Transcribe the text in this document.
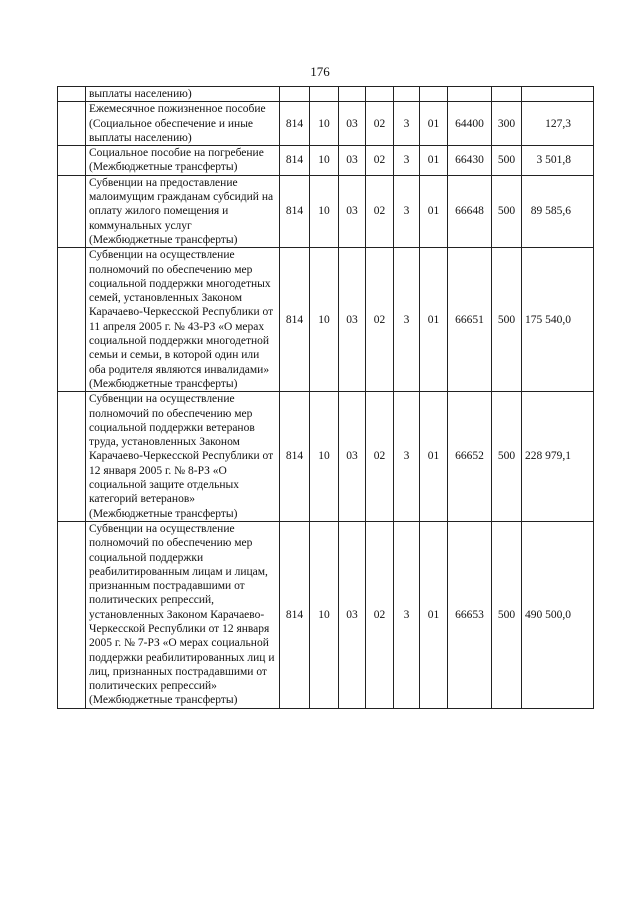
176
	выплаты населению)									
	Ежемесячное пожизненное пособие (Социальное обеспечение и иные выплаты населению)	814	10	03	02	3	01	64400	300	127,3
	Социальное пособие на погребение (Межбюджетные трансферты)	814	10	03	02	3	01	66430	500	3 501,8
	Субвенции на предоставление малоимущим гражданам субсидий на оплату жилого помещения и коммунальных услуг (Межбюджетные трансферты)	814	10	03	02	3	01	66648	500	89 585,6
	Субвенции на осуществление полномочий по обеспечению мер социальной поддержки многодетных семей, установленных Законом Карачаево-Черкесской Республики от 11 апреля 2005 г. № 43-РЗ «О мерах социальной поддержки многодетной семьи и семьи, в которой один или оба родителя являются инвалидами» (Межбюджетные трансферты)	814	10	03	02	3	01	66651	500	175 540,0
	Субвенции на осуществление полномочий по обеспечению мер социальной поддержки ветеранов труда, установленных Законом Карачаево-Черкесской Республики от 12 января 2005 г. № 8-РЗ «О социальной защите отдельных категорий ветеранов» (Межбюджетные трансферты)	814	10	03	02	3	01	66652	500	228 979,1
	Субвенции на осуществление полномочий по обеспечению мер социальной поддержки реабилитированным лицам и лицам, признанным пострадавшими от политических репрессий, установленных Законом Карачаево-Черкесской Республики от 12 января 2005 г. № 7-РЗ «О мерах социальной поддержки реабилитированных лиц и лиц, признанных пострадавшими от политических репрессий» (Межбюджетные трансферты)	814	10	03	02	3	01	66653	500	490 500,0
